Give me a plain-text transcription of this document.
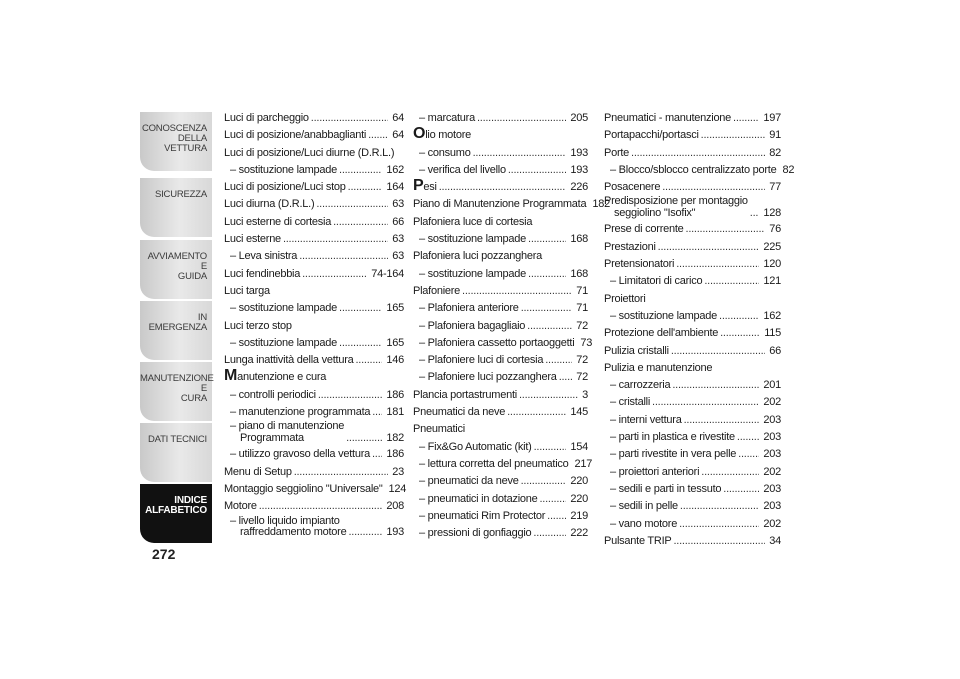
CONOSCENZA
DELLA VETTURA
SICUREZZA
AVVIAMENTO E
GUIDA
IN EMERGENZA
MANUTENZIONE E
CURA
DATI TECNICI
INDICE
ALFABETICO
272
Luci di parcheggio .....	64
Luci di posizione/anabbaglianti ..... 64
Luci di posizione/Luci diurne (D.R.L.)
– sostituzione lampade .....	162
Luci di posizione/Luci stop .....	164
Luci diurna (D.R.L.) .....	63
Luci esterne di cortesia .....	66
Luci esterne .....	63
– Leva sinistra .....	63
Luci fendinebbia .....	74-164
Luci targa
– sostituzione lampade .....	165
Luci terzo stop
– sostituzione lampade .....	165
Lunga inattività della vettura .....	146
Manutenzione e cura
– controlli periodici .....	186
– manutenzione programmata ..... 181
– piano di manutenzione
Programmata .....	182
– utilizzo gravoso della vettura ..... 186
Menu di Setup .....	23
Montaggio seggiolino "Universale" 124
Motore .....	208
– livello liquido impianto
raffreddamento motore .....	193
– marcatura .....	205
Olio motore
– consumo .....	193
– verifica del livello .....	193
Pesi .....	226
Piano di Manutenzione Programmata 182
Plafoniera luce di cortesia
– sostituzione lampade .....	168
Plafoniera luci pozzanghera
– sostituzione lampade .....	168
Plafoniere .....	71
– Plafoniera anteriore .....	71
– Plafoniera bagagliaio .....	72
– Plafoniera cassetto portaoggetti 73
– Plafoniere luci di cortesia .....	72
– Plafoniere luci pozzanghera ..... 72
Plancia portastrumenti .....	3
Pneumatici da neve .....	145
Pneumatici
– Fix&Go Automatic (kit) .....	154
– lettura corretta del pneumatico 217
– pneumatici da neve .....	220
– pneumatici in dotazione .....	220
– pneumatici Rim Protector ..... 219
– pressioni di gonfiaggio .....	222
Pneumatici - manutenzione .....	197
Portapacchi/portasci .....	91
Porte .....	82
– Blocco/sblocco centralizzato porte 82
Posacenere .....	77
Predisposizione per montaggio
seggiolino "Isofix" .....	128
Prese di corrente .....	76
Prestazioni .....	225
Pretensionatori .....	120
– Limitatori di carico .....	121
Proiettori
– sostituzione lampade .....	162
Protezione dell'ambiente .....	115
Pulizia cristalli .....	66
Pulizia e manutenzione
– carrozzeria .....	201
– cristalli .....	202
– interni vettura .....	203
– parti in plastica e rivestite .....	203
– parti rivestite in vera pelle ..... 203
– proiettori anteriori .....	202
– sedili e parti in tessuto .....	203
– sedili in pelle .....	203
– vano motore .....	202
Pulsante TRIP .....	34
